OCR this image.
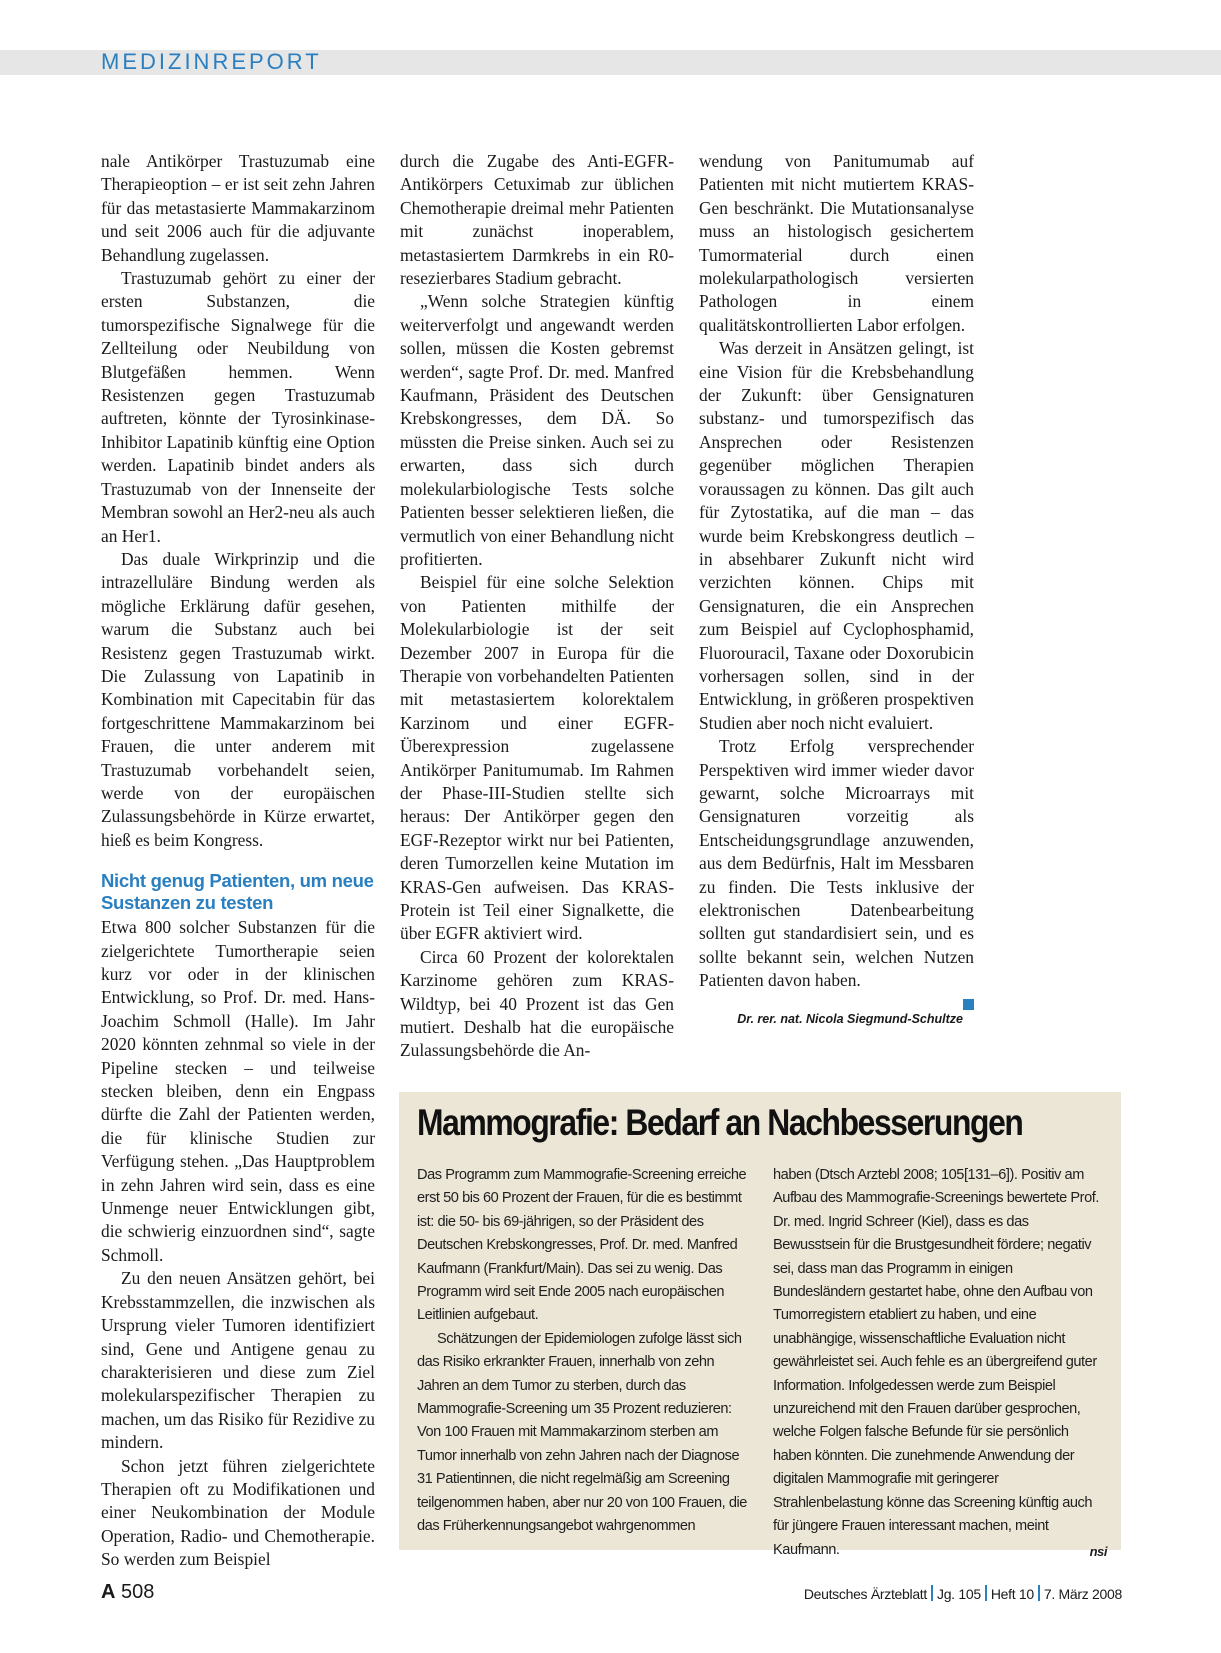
MEDIZINREPORT

nale Antikörper Trastuzumab eine Therapieoption – er ist seit zehn Jahren für das metastasierte Mammakarzinom und seit 2006 auch für die adjuvante Behandlung zugelassen.

Trastuzumab gehört zu einer der ersten Substanzen, die tumorspezifische Signalwege für die Zellteilung oder Neubildung von Blutgefäßen hemmen. Wenn Resistenzen gegen Trastuzumab auftreten, könnte der Tyrosinkinase-Inhibitor Lapatinib künftig eine Option werden. Lapatinib bindet anders als Trastuzumab von der Innenseite der Membran sowohl an Her2-neu als auch an Her1.

Das duale Wirkprinzip und die intrazelluläre Bindung werden als mögliche Erklärung dafür gesehen, warum die Substanz auch bei Resistenz gegen Trastuzumab wirkt. Die Zulassung von Lapatinib in Kombination mit Capecitabin für das fortgeschrittene Mammakarzinom bei Frauen, die unter anderem mit Trastuzumab vorbehandelt seien, werde von der europäischen Zulassungsbehörde in Kürze erwartet, hieß es beim Kongress.

Nicht genug Patienten, um neue Sustanzen zu testen

Etwa 800 solcher Substanzen für die zielgerichtete Tumortherapie seien kurz vor oder in der klinischen Entwicklung, so Prof. Dr. med. Hans-Joachim Schmoll (Halle). Im Jahr 2020 könnten zehnmal so viele in der Pipeline stecken – und teilweise stecken bleiben, denn ein Engpass dürfte die Zahl der Patienten werden, die für klinische Studien zur Verfügung stehen. „Das Hauptproblem in zehn Jahren wird sein, dass es eine Unmenge neuer Entwicklungen gibt, die schwierig einzuordnen sind“, sagte Schmoll.

Zu den neuen Ansätzen gehört, bei Krebsstammzellen, die inzwischen als Ursprung vieler Tumoren identifiziert sind, Gene und Antigene genau zu charakterisieren und diese zum Ziel molekularspezifischer Therapien zu machen, um das Risiko für Rezidive zu mindern.

Schon jetzt führen zielgerichtete Therapien oft zu Modifikationen und einer Neukombination der Module Operation, Radio- und Chemotherapie. So werden zum Beispiel

durch die Zugabe des Anti-EGFR-Antikörpers Cetuximab zur üblichen Chemotherapie dreimal mehr Patienten mit zunächst inoperablem, metastasiertem Darmkrebs in ein R0-resezierbares Stadium gebracht.

„Wenn solche Strategien künftig weiterverfolgt und angewandt werden sollen, müssen die Kosten gebremst werden“, sagte Prof. Dr. med. Manfred Kaufmann, Präsident des Deutschen Krebskongresses, dem DÄ. So müssten die Preise sinken. Auch sei zu erwarten, dass sich durch molekularbiologische Tests solche Patienten besser selektieren ließen, die vermutlich von einer Behandlung nicht profitierten.

Beispiel für eine solche Selektion von Patienten mithilfe der Molekularbiologie ist der seit Dezember 2007 in Europa für die Therapie von vorbehandelten Patienten mit metastasiertem kolorektalem Karzinom und einer EGFR-Überexpression zugelassene Antikörper Panitumumab. Im Rahmen der Phase-III-Studien stellte sich heraus: Der Antikörper gegen den EGF-Rezeptor wirkt nur bei Patienten, deren Tumorzellen keine Mutation im KRAS-Gen aufweisen. Das KRAS-Protein ist Teil einer Signalkette, die über EGFR aktiviert wird.

Circa 60 Prozent der kolorektalen Karzinome gehören zum KRAS-Wildtyp, bei 40 Prozent ist das Gen mutiert. Deshalb hat die europäische Zulassungsbehörde die An-

wendung von Panitumumab auf Patienten mit nicht mutiertem KRAS-Gen beschränkt. Die Mutationsanalyse muss an histologisch gesichertem Tumormaterial durch einen molekularpathologisch versierten Pathologen in einem qualitätskontrollierten Labor erfolgen.

Was derzeit in Ansätzen gelingt, ist eine Vision für die Krebsbehandlung der Zukunft: über Gensignaturen substanz- und tumorspezifisch das Ansprechen oder Resistenzen gegenüber möglichen Therapien voraussagen zu können. Das gilt auch für Zytostatika, auf die man – das wurde beim Krebskongress deutlich – in absehbarer Zukunft nicht wird verzichten können. Chips mit Gensignaturen, die ein Ansprechen zum Beispiel auf Cyclophosphamid, Fluorouracil, Taxane oder Doxorubicin vorhersagen sollen, sind in der Entwicklung, in größeren prospektiven Studien aber noch nicht evaluiert.

Trotz Erfolg versprechender Perspektiven wird immer wieder davor gewarnt, solche Microarrays mit Gensignaturen vorzeitig als Entscheidungsgrundlage anzuwenden, aus dem Bedürfnis, Halt im Messbaren zu finden. Die Tests inklusive der elektronischen Datenbearbeitung sollten gut standardisiert sein, und es sollte bekannt sein, welchen Nutzen Patienten davon haben.

Dr. rer. nat. Nicola Siegmund-Schultze
Mammografie: Bedarf an Nachbesserungen

Das Programm zum Mammografie-Screening erreiche erst 50 bis 60 Prozent der Frauen, für die es bestimmt ist: die 50- bis 69-jährigen, so der Präsident des Deutschen Krebskongresses, Prof. Dr. med. Manfred Kaufmann (Frankfurt/Main). Das sei zu wenig. Das Programm wird seit Ende 2005 nach europäischen Leitlinien aufgebaut.

Schätzungen der Epidemiologen zufolge lässt sich das Risiko erkrankter Frauen, innerhalb von zehn Jahren an dem Tumor zu sterben, durch das Mammografie-Screening um 35 Prozent reduzieren: Von 100 Frauen mit Mammakarzinom sterben am Tumor innerhalb von zehn Jahren nach der Diagnose 31 Patientinnen, die nicht regelmäßig am Screening teilgenommen haben, aber nur 20 von 100 Frauen, die das Früherkennungsangebot wahrgenommen

haben (Dtsch Arztebl 2008; 105[131–6]). Positiv am Aufbau des Mammografie-Screenings bewertete Prof. Dr. med. Ingrid Schreer (Kiel), dass es das Bewusstsein für die Brustgesundheit fördere; negativ sei, dass man das Programm in einigen Bundesländern gestartet habe, ohne den Aufbau von Tumorregistern etabliert zu haben, und eine unabhängige, wissenschaftliche Evaluation nicht gewährleistet sei. Auch fehle es an übergreifend guter Information. Infolgedessen werde zum Beispiel unzureichend mit den Frauen darüber gesprochen, welche Folgen falsche Befunde für sie persönlich haben könnten. Die zunehmende Anwendung der digitalen Mammografie mit geringerer Strahlenbelastung könne das Screening künftig auch für jüngere Frauen interessant machen, meint Kaufmann.	nsi
A 508	Deutsches Ärzteblatt Jg. 105 Heft 10 7. März 2008
